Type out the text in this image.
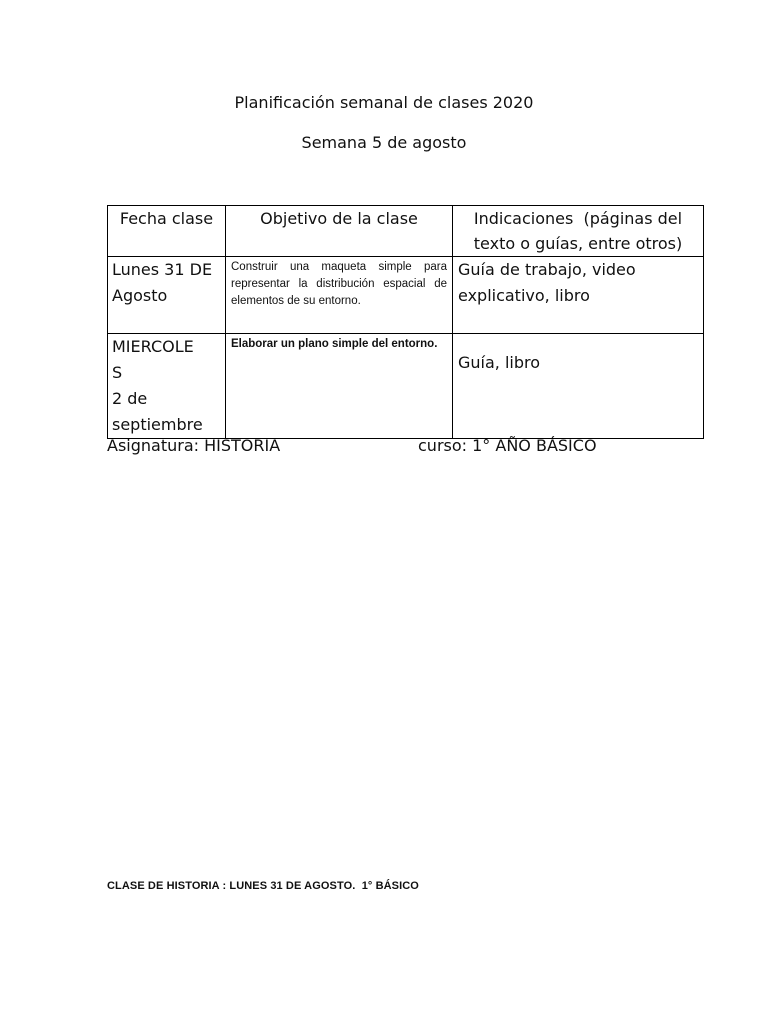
Planificación semanal de clases 2020
Semana 5 de agosto
Fecha clase	Objetivo de la clase	Indicaciones  (páginas del
texto o guías, entre otros)

Lunes 31 DE
Agosto	Construir una maqueta simple para representar la distribución espacial de elementos de su entorno.	Guía de trabajo, video explicativo, libro

MIERCOLE
S
2 de
septiembre	Elaborar un plano simple del entorno.	Guía, libro
Asignatura: HISTORIA	curso: 1° AÑO BÁSICO
CLASE DE HISTORIA : LUNES 31 DE AGOSTO.  1° BÁSICO
